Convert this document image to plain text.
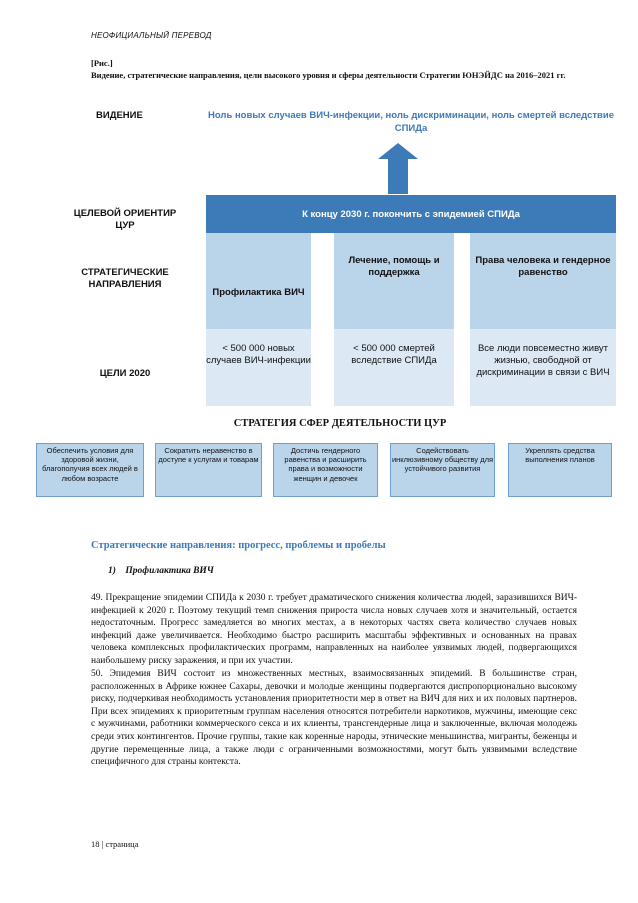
НЕОФИЦИАЛЬНЫЙ ПЕРЕВОД
[Рис.]
Видение, стратегические направления, цели высокого уровня и сферы деятельности Стратегии ЮНЭЙДС на 2016–2021 гг.
ВИДЕНИЕ	Ноль новых случаев ВИЧ-инфекции, ноль дискриминации, ноль смертей вследствие СПИДа
ЦЕЛЕВОЙ ОРИЕНТИР ЦУР
СТРАТЕГИЧЕСКИЕ НАПРАВЛЕНИЯ
ЦЕЛИ 2020
К концу 2030 г. покончить с эпидемией СПИДа
Профилактика ВИЧ
Лечение, помощь и поддержка
Права человека и гендерное равенство
< 500 000 новых случаев ВИЧ-инфекции
< 500 000 смертей вследствие СПИДа
Все люди повсеместно живут жизнью, свободной от дискриминации в связи с ВИЧ
СТРАТЕГИЯ СФЕР ДЕЯТЕЛЬНОСТИ ЦУР
Обеспечить условия для здоровой жизни, благополучия всех людей в любом возрасте
Сократить неравенство в доступе к услугам и товарам
Достичь гендерного равенства и расширить права и возможности женщин и девочек
Содействовать инклюзивному обществу для устойчивого развития
Укреплять средства выполнения планов
Стратегические направления: прогресс, проблемы и пробелы
1)    Профилактика ВИЧ
49. Прекращение эпидемии СПИДа к 2030 г. требует драматического снижения количества людей, заразившихся ВИЧ-инфекцией к 2020 г. Поэтому текущий темп снижения прироста числа новых случаев хотя и значительный, остается недостаточным. Прогресс замедляется во многих местах, а в некоторых частях света количество случаев новых инфекций даже увеличивается. Необходимо быстро расширить масштабы эффективных и основанных на правах человека комплексных профилактических программ, направленных на наиболее уязвимых людей, подвергающихся наибольшему риску заражения, и при их участии.
50. Эпидемия ВИЧ состоит из множественных местных, взаимосвязанных эпидемий. В большинстве стран, расположенных в Африке южнее Сахары, девочки и молодые женщины подвергаются диспропорционально высокому риску, подчеркивая необходимость установления приоритетности мер в ответ на ВИЧ для них и их половых партнеров. При всех эпидемиях к приоритетным группам населения относятся потребители наркотиков, мужчины, имеющие секс с мужчинами, работники коммерческого секса и их клиенты, трансгендерные лица и заключенные, включая молодежь среди этих контингентов. Прочие группы, такие как коренные народы, этнические меньшинства, мигранты, беженцы и другие перемещенные лица, а также люди с ограниченными возможностями, могут быть уязвимыми вследствие специфичного для страны контекста.
18 | страница
